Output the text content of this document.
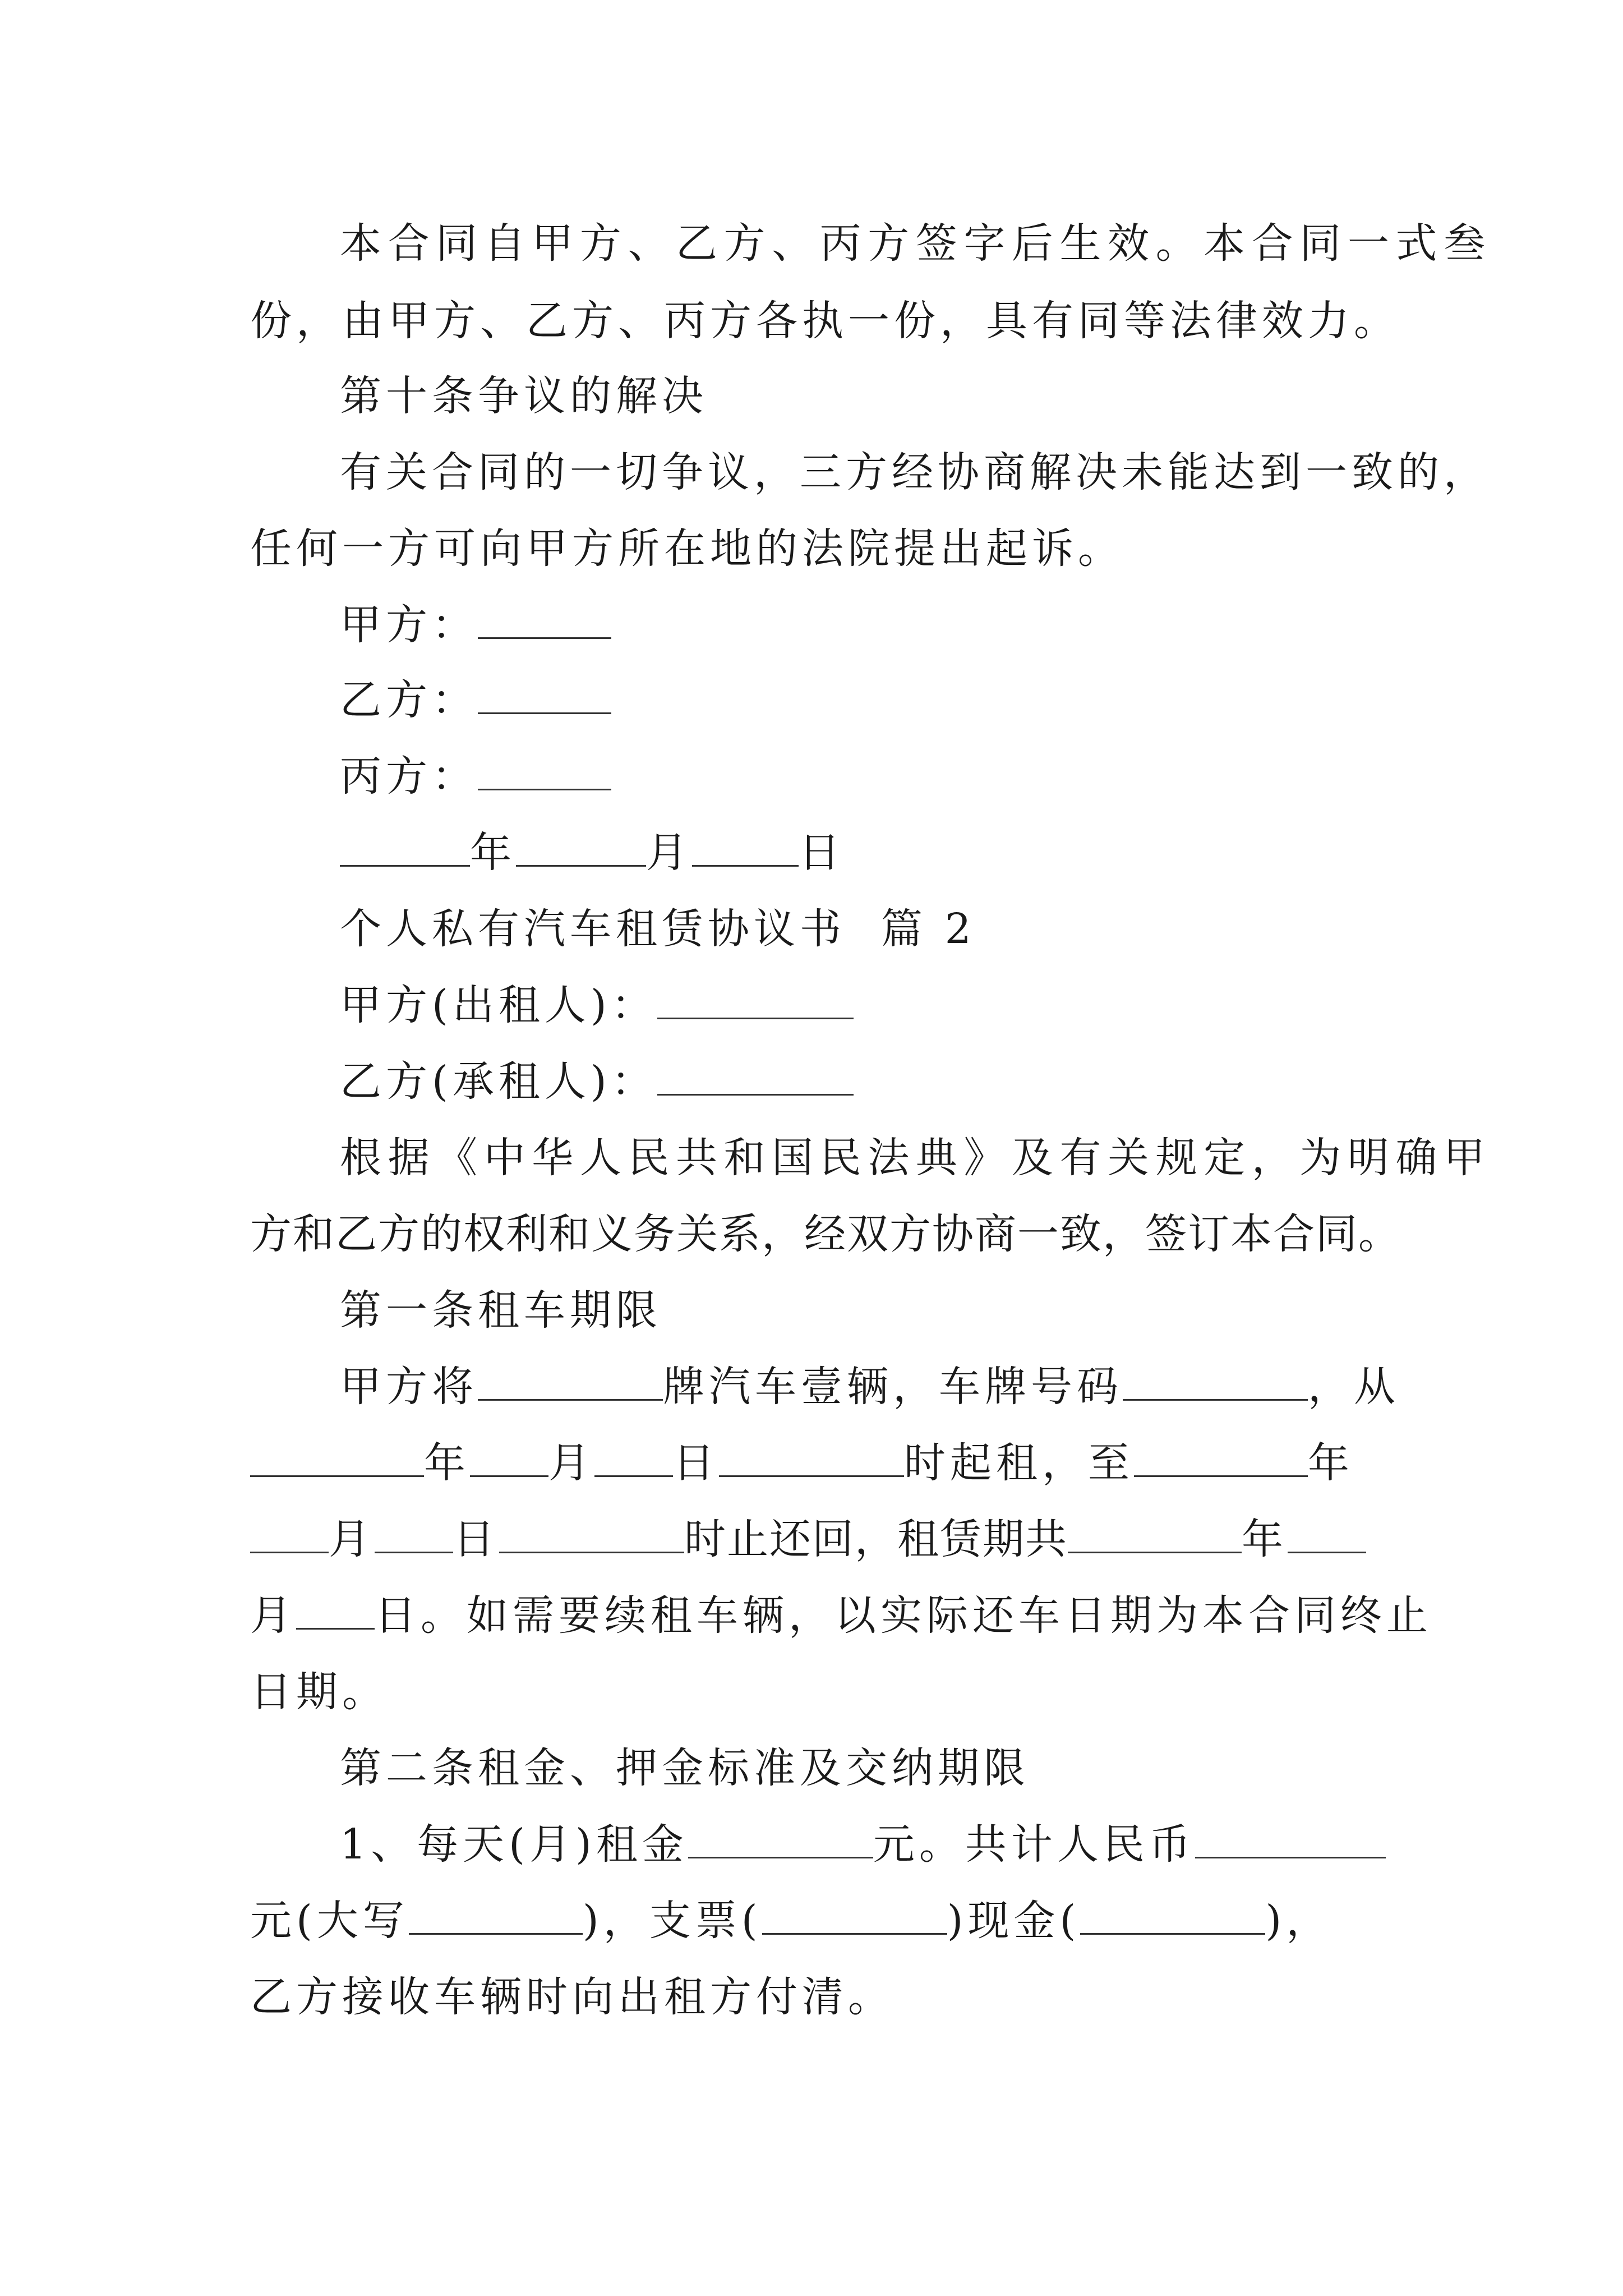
本合同自甲方、乙方、丙方签字后生效。本合同一式叁
份，由甲方、乙方、丙方各执一份，具有同等法律效力。
第十条争议的解决
有关合同的一切争议，三方经协商解决未能达到一致的，
任何一方可向甲方所在地的法院提出起诉。
甲方：
乙方：
丙方：
年	月	日
个人私有汽车租赁协议书  篇 2
甲方(出租人)：
乙方(承租人)：
根据《中华人民共和国民法典》及有关规定，为明确甲
方和乙方的权利和义务关系，经双方协商一致，签订本合同。
第一条租车期限
甲方将	牌汽车壹辆，车牌号码	，从
年 月 日	时起租，至	年
月 日	时止还回，租赁期共	年
月 日。如需要续租车辆，以实际还车日期为本合同终止
日期。
第二条租金、押金标准及交纳期限
1、每天(月)租金	元。共计人民币
元(大写	)，支票(	)现金(	)，
乙方接收车辆时向出租方付清。
